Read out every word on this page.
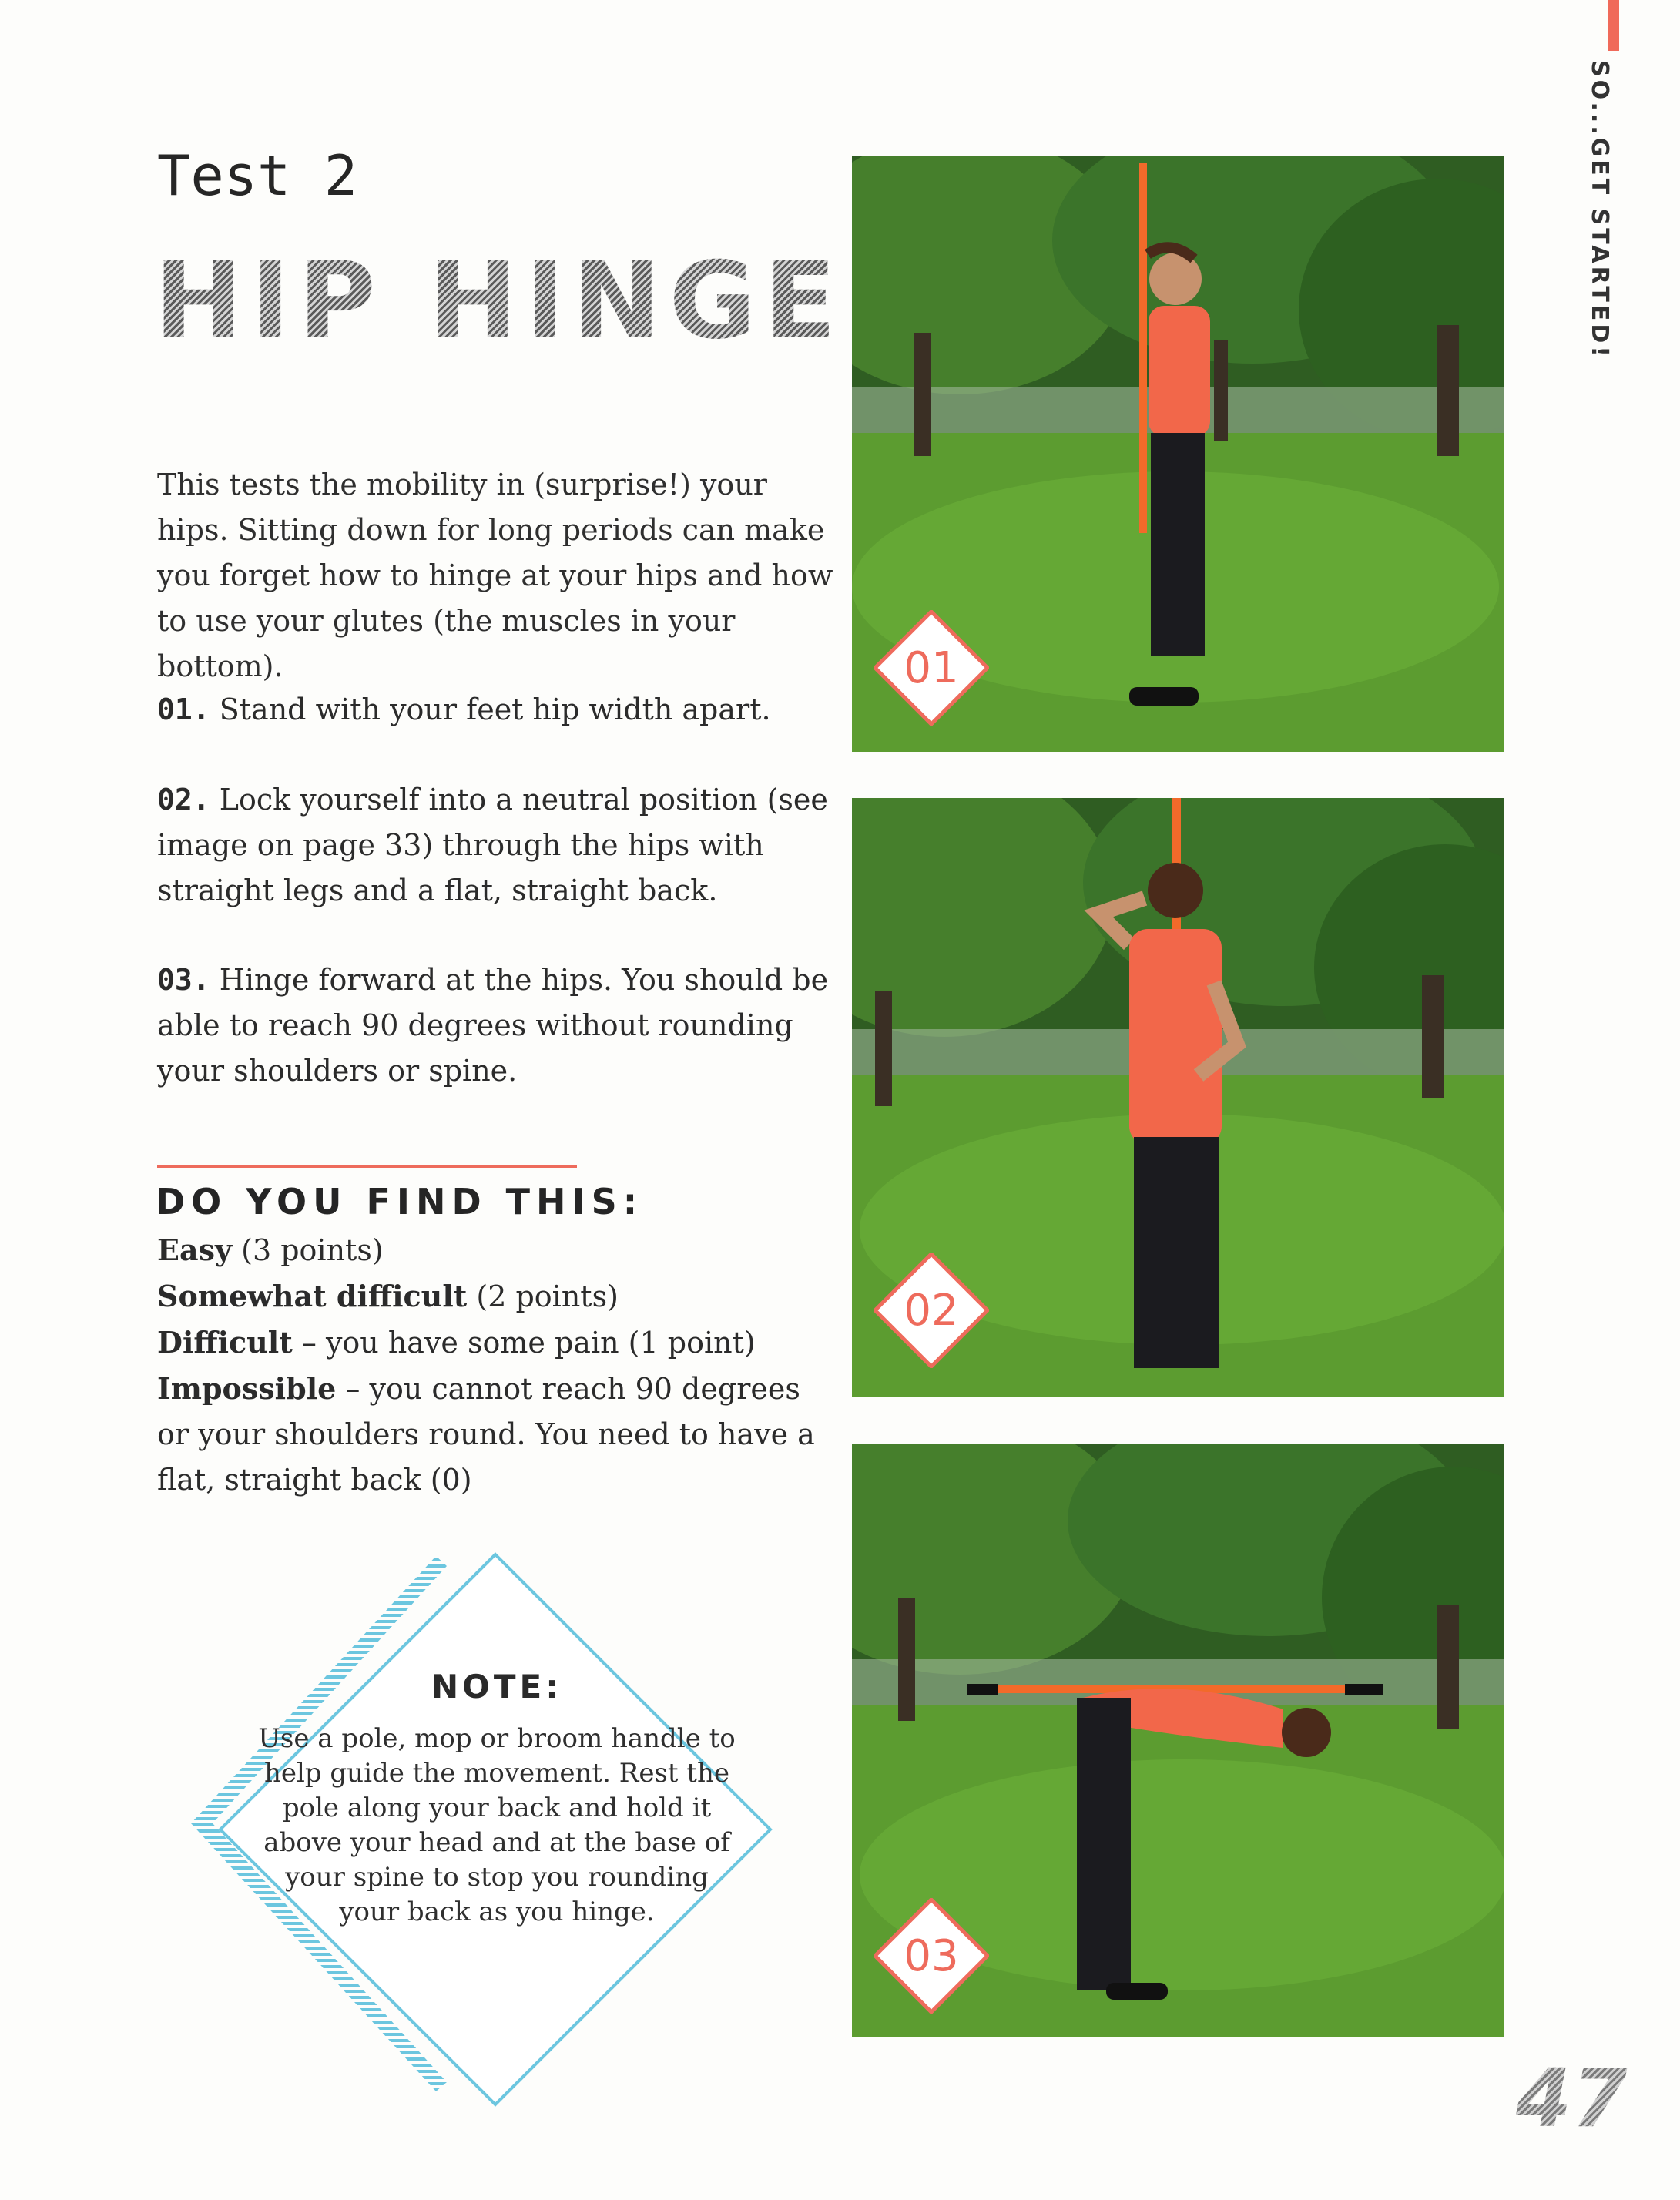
SO...GET STARTED!
Test 2
HIP HINGE
This tests the mobility in (surprise!) your hips. Sitting down for long periods can make you forget how to hinge at your hips and how to use your glutes (the muscles in your bottom).
01. Stand with your feet hip width apart.
02. Lock yourself into a neutral position (see image on page 33) through the hips with straight legs and a flat, straight back.
03. Hinge forward at the hips. You should be able to reach 90 degrees without rounding your shoulders or spine.
DO YOU FIND THIS:
Easy (3 points)
Somewhat difficult (2 points)
Difficult – you have some pain (1 point)
Impossible – you cannot reach 90 degrees or your shoulders round. You need to have a flat, straight back (0)
NOTE:
Use a pole, mop or broom handle to help guide the movement. Rest the pole along your back and hold it above your head and at the base of your spine to stop you rounding your back as you hinge.
01
02
03
47
